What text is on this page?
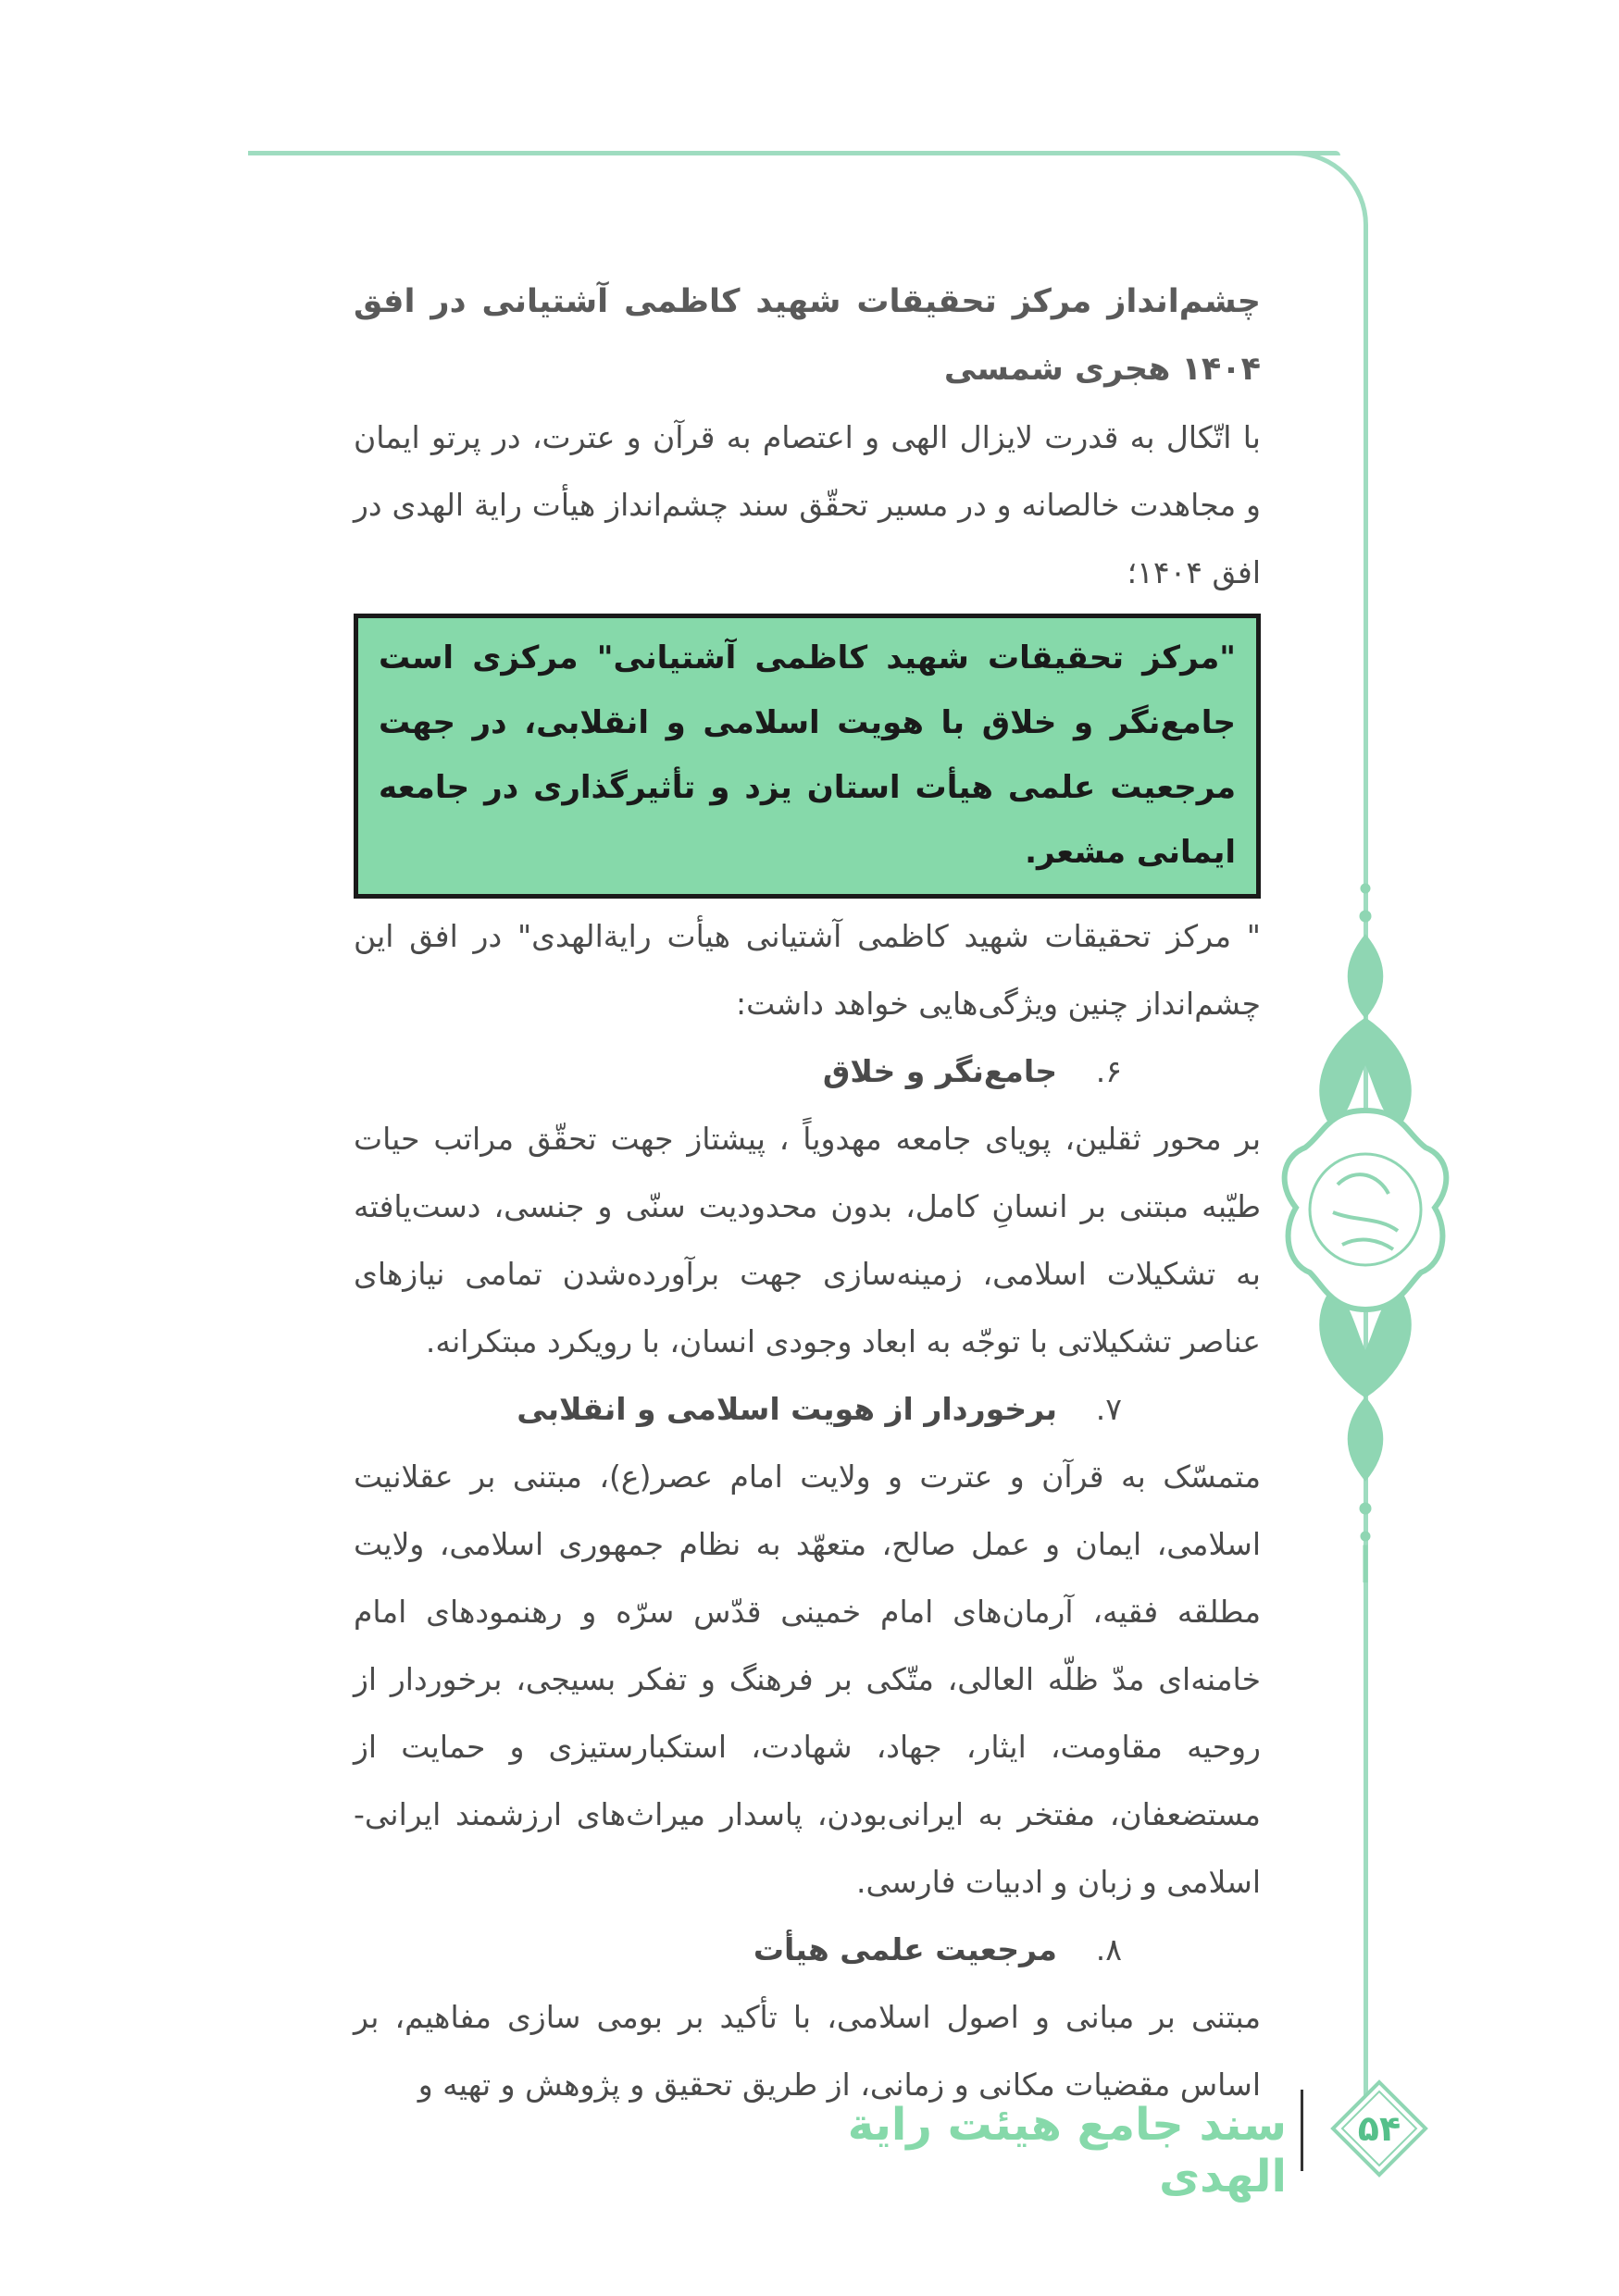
چشم‌انداز مرکز تحقیقات شهید کاظمی آشتیانی در افق ۱۴۰۴ هجری شمسی

با اتّکال به قدرت لایزال الهی و اعتصام به قرآن و عترت، در پرتو ایمان و مجاهدت خالصانه و در مسیر تحقّق سند چشم‌انداز هیأت رایة الهدی در افق ۱۴۰۴؛

"مرکز تحقیقات شهید کاظمی آشتیانی" مرکزی است جامع‌نگر و خلاق با هویت اسلامی و انقلابی، در جهت مرجعیت علمی هیأت استان یزد و تأثیرگذاری در جامعه ایمانی مشعر.

" مرکز تحقیقات شهید کاظمی آشتیانی هیأت رایةالهدی" در افق این چشم‌انداز چنین ویژگی‌هایی خواهد داشت:

۶.جامع‌نگر و خلاق

بر محور ثقلین، پویای جامعه مهدویاً ، پیشتاز جهت تحقّق مراتب حیات طیّبه مبتنی بر انسانِ کامل، بدون محدودیت سنّی و جنسی، دست‌یافته به تشکیلات اسلامی، زمینه‌سازی جهت برآورده‌شدن تمامی نیازهای عناصر تشکیلاتی با توجّه به ابعاد وجودی انسان، با رویکرد مبتکرانه.

۷.برخوردار از هویت اسلامی و انقلابی

متمسّک به قرآن و عترت و ولایت امام عصر(ع)، مبتنی بر عقلانیت اسلامی، ایمان و عمل صالح، متعهّد به نظام جمهوری اسلامی، ولایت مطلقه فقیه، آرمان‌های امام خمینی قدّس سرّه و رهنمودهای امام خامنه‌ای مدّ ظلّه العالی، متّکی بر فرهنگ و تفکر بسیجی، برخوردار از روحیه مقاومت، ایثار، جهاد، شهادت، استکبارستیزی و حمایت از مستضعفان، مفتخر به ایرانی‌بودن، پاسدار میراث‌های ارزشمند ایرانی-اسلامی و زبان و ادبیات فارسی.

۸.مرجعیت علمی هیأت

مبتنی بر مبانی و اصول اسلامی، با تأکید بر بومی سازی مفاهیم، بر اساس مقضیات مکانی و زمانی، از طریق تحقیق و پژوهش و تهیه و

سند جامع هیئت رایة الهدی
۵۴
